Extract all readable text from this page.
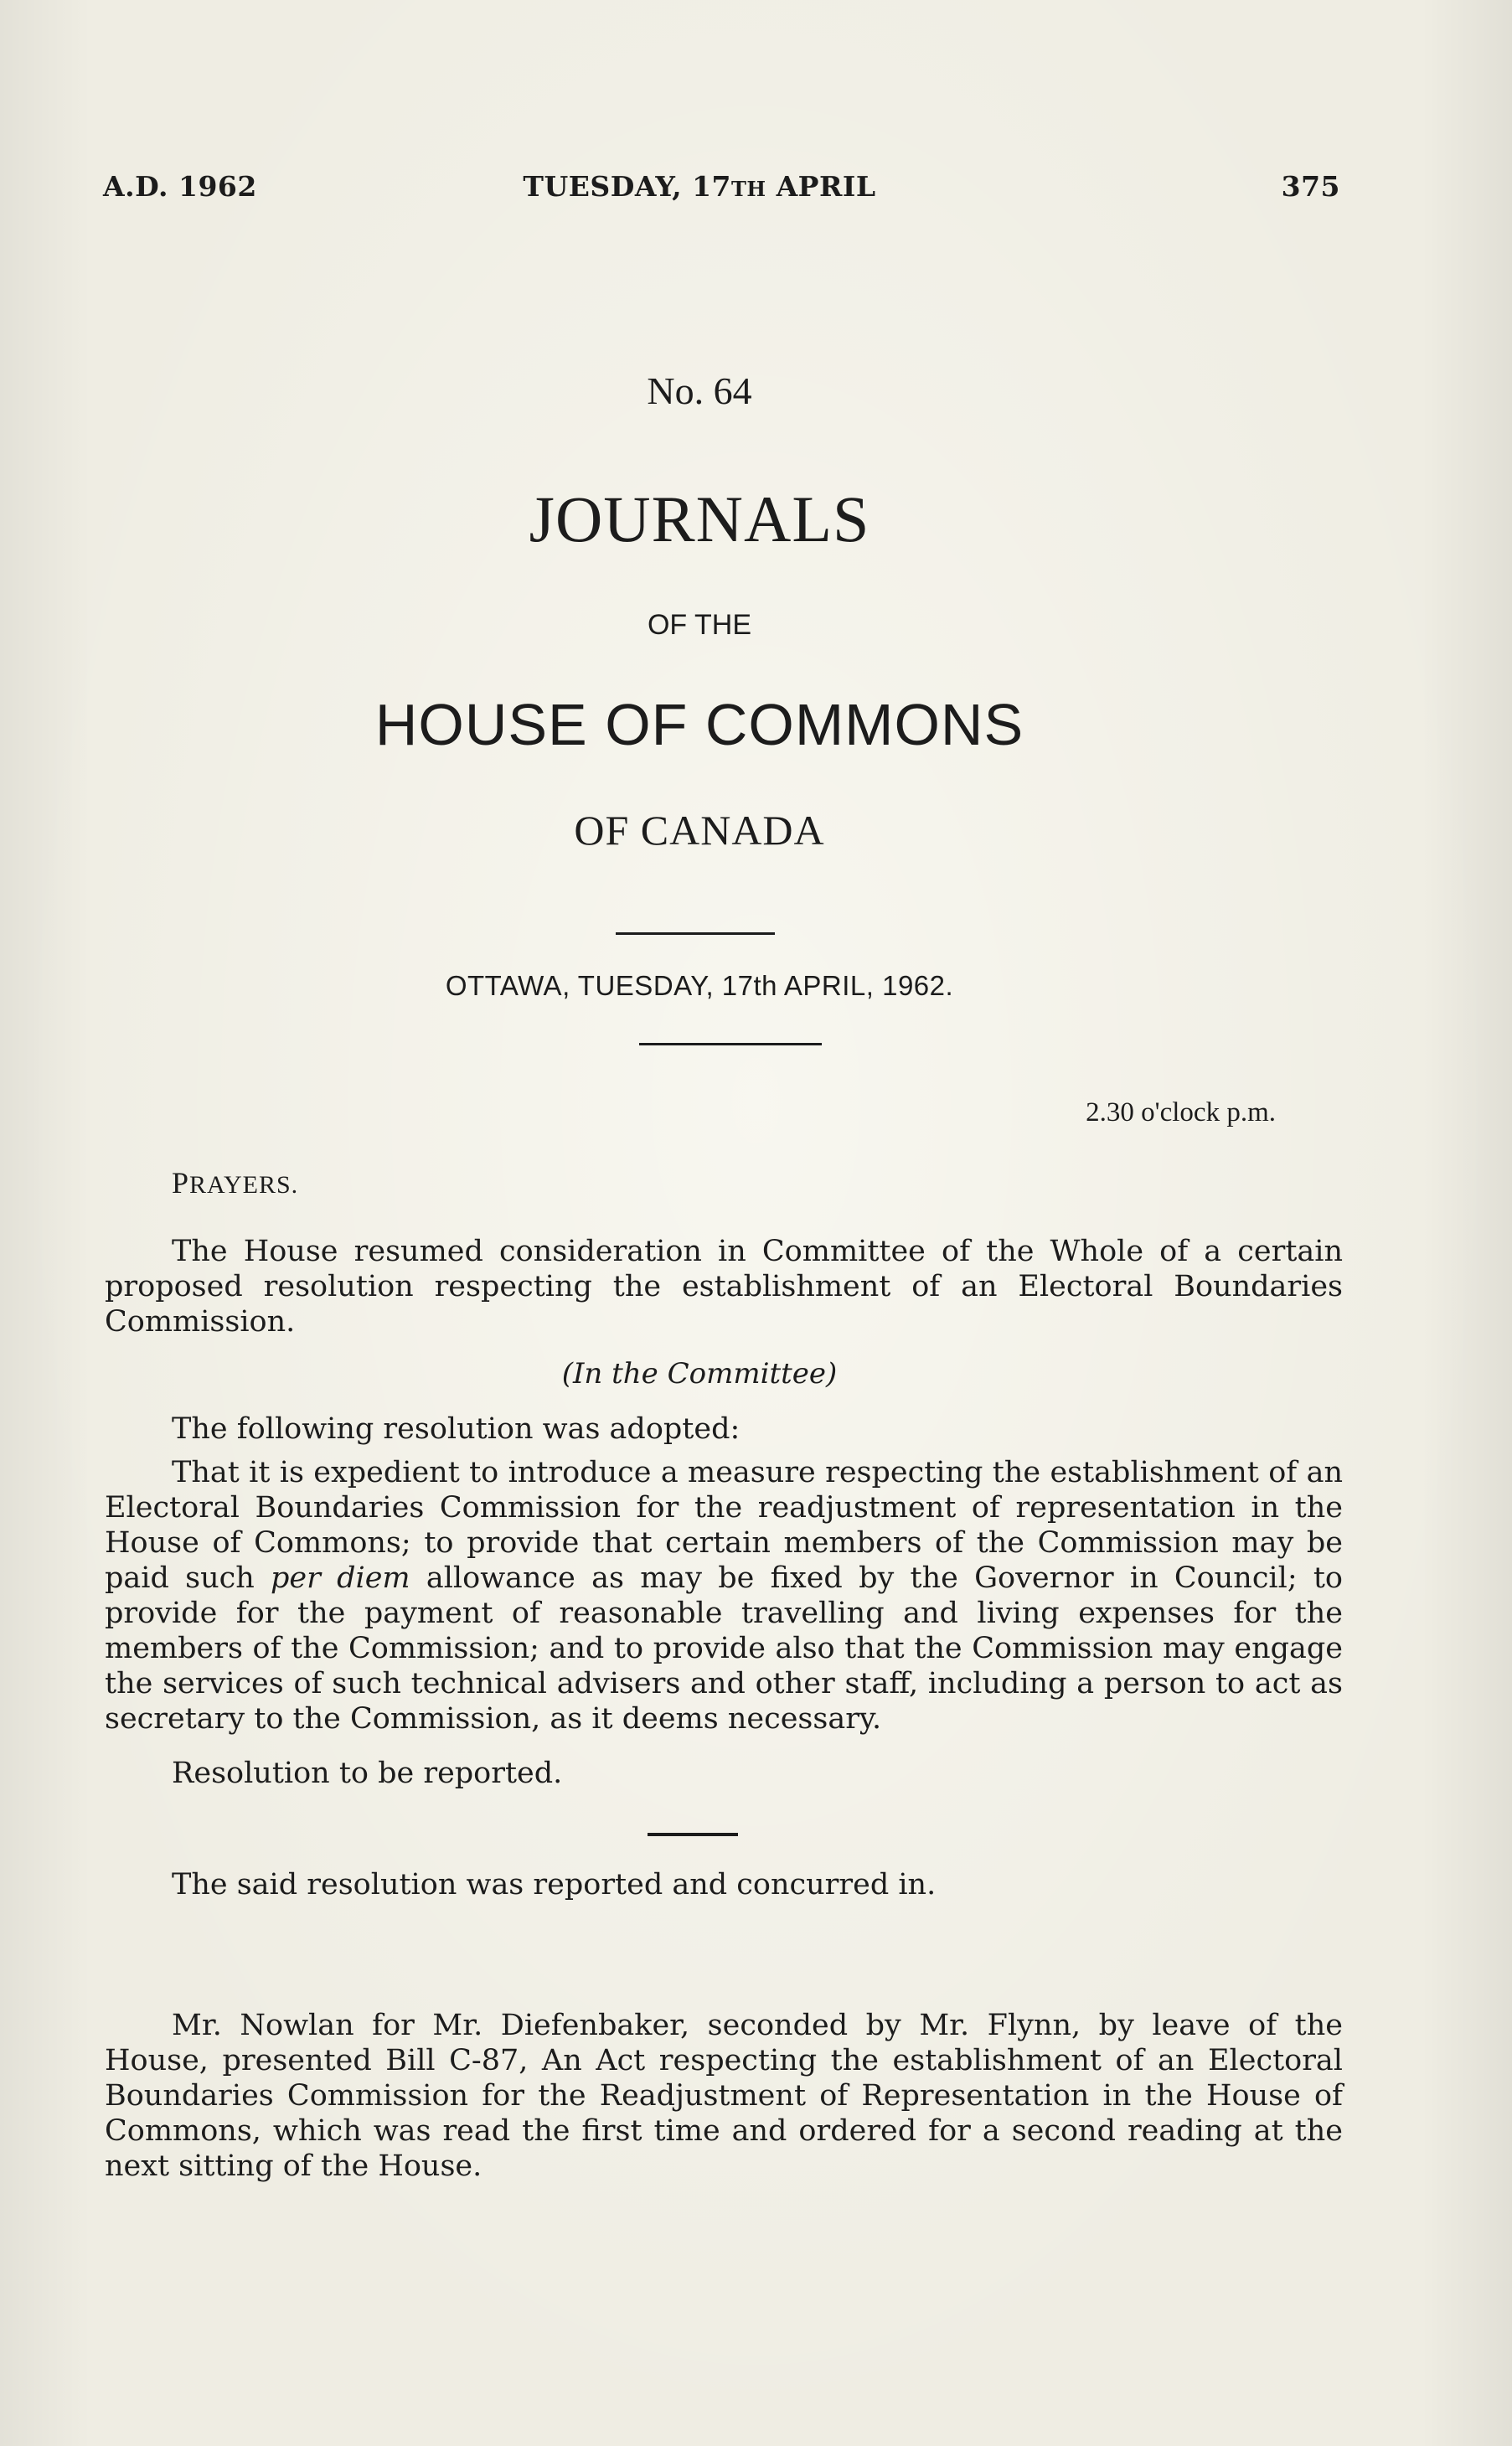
A.D. 1962	TUESDAY, 17TH APRIL	375
No. 64
JOURNALS
OF THE
HOUSE OF COMMONS
OF CANADA
OTTAWA, TUESDAY, 17th APRIL, 1962.
2.30 o'clock p.m.
PRAYERS.
The House resumed consideration in Committee of the Whole of a certain proposed resolution respecting the establishment of an Electoral Boundaries Commission.
(In the Committee)
The following resolution was adopted:
That it is expedient to introduce a measure respecting the establishment of an Electoral Boundaries Commission for the readjustment of representation in the House of Commons; to provide that certain members of the Commission may be paid such per diem allowance as may be fixed by the Governor in Council; to provide for the payment of reasonable travelling and living expenses for the members of the Commission; and to provide also that the Commission may engage the services of such technical advisers and other staff, including a person to act as secretary to the Commission, as it deems necessary.
Resolution to be reported.
The said resolution was reported and concurred in.
Mr. Nowlan for Mr. Diefenbaker, seconded by Mr. Flynn, by leave of the House, presented Bill C-87, An Act respecting the establishment of an Electoral Boundaries Commission for the Readjustment of Representation in the House of Commons, which was read the first time and ordered for a second reading at the next sitting of the House.
